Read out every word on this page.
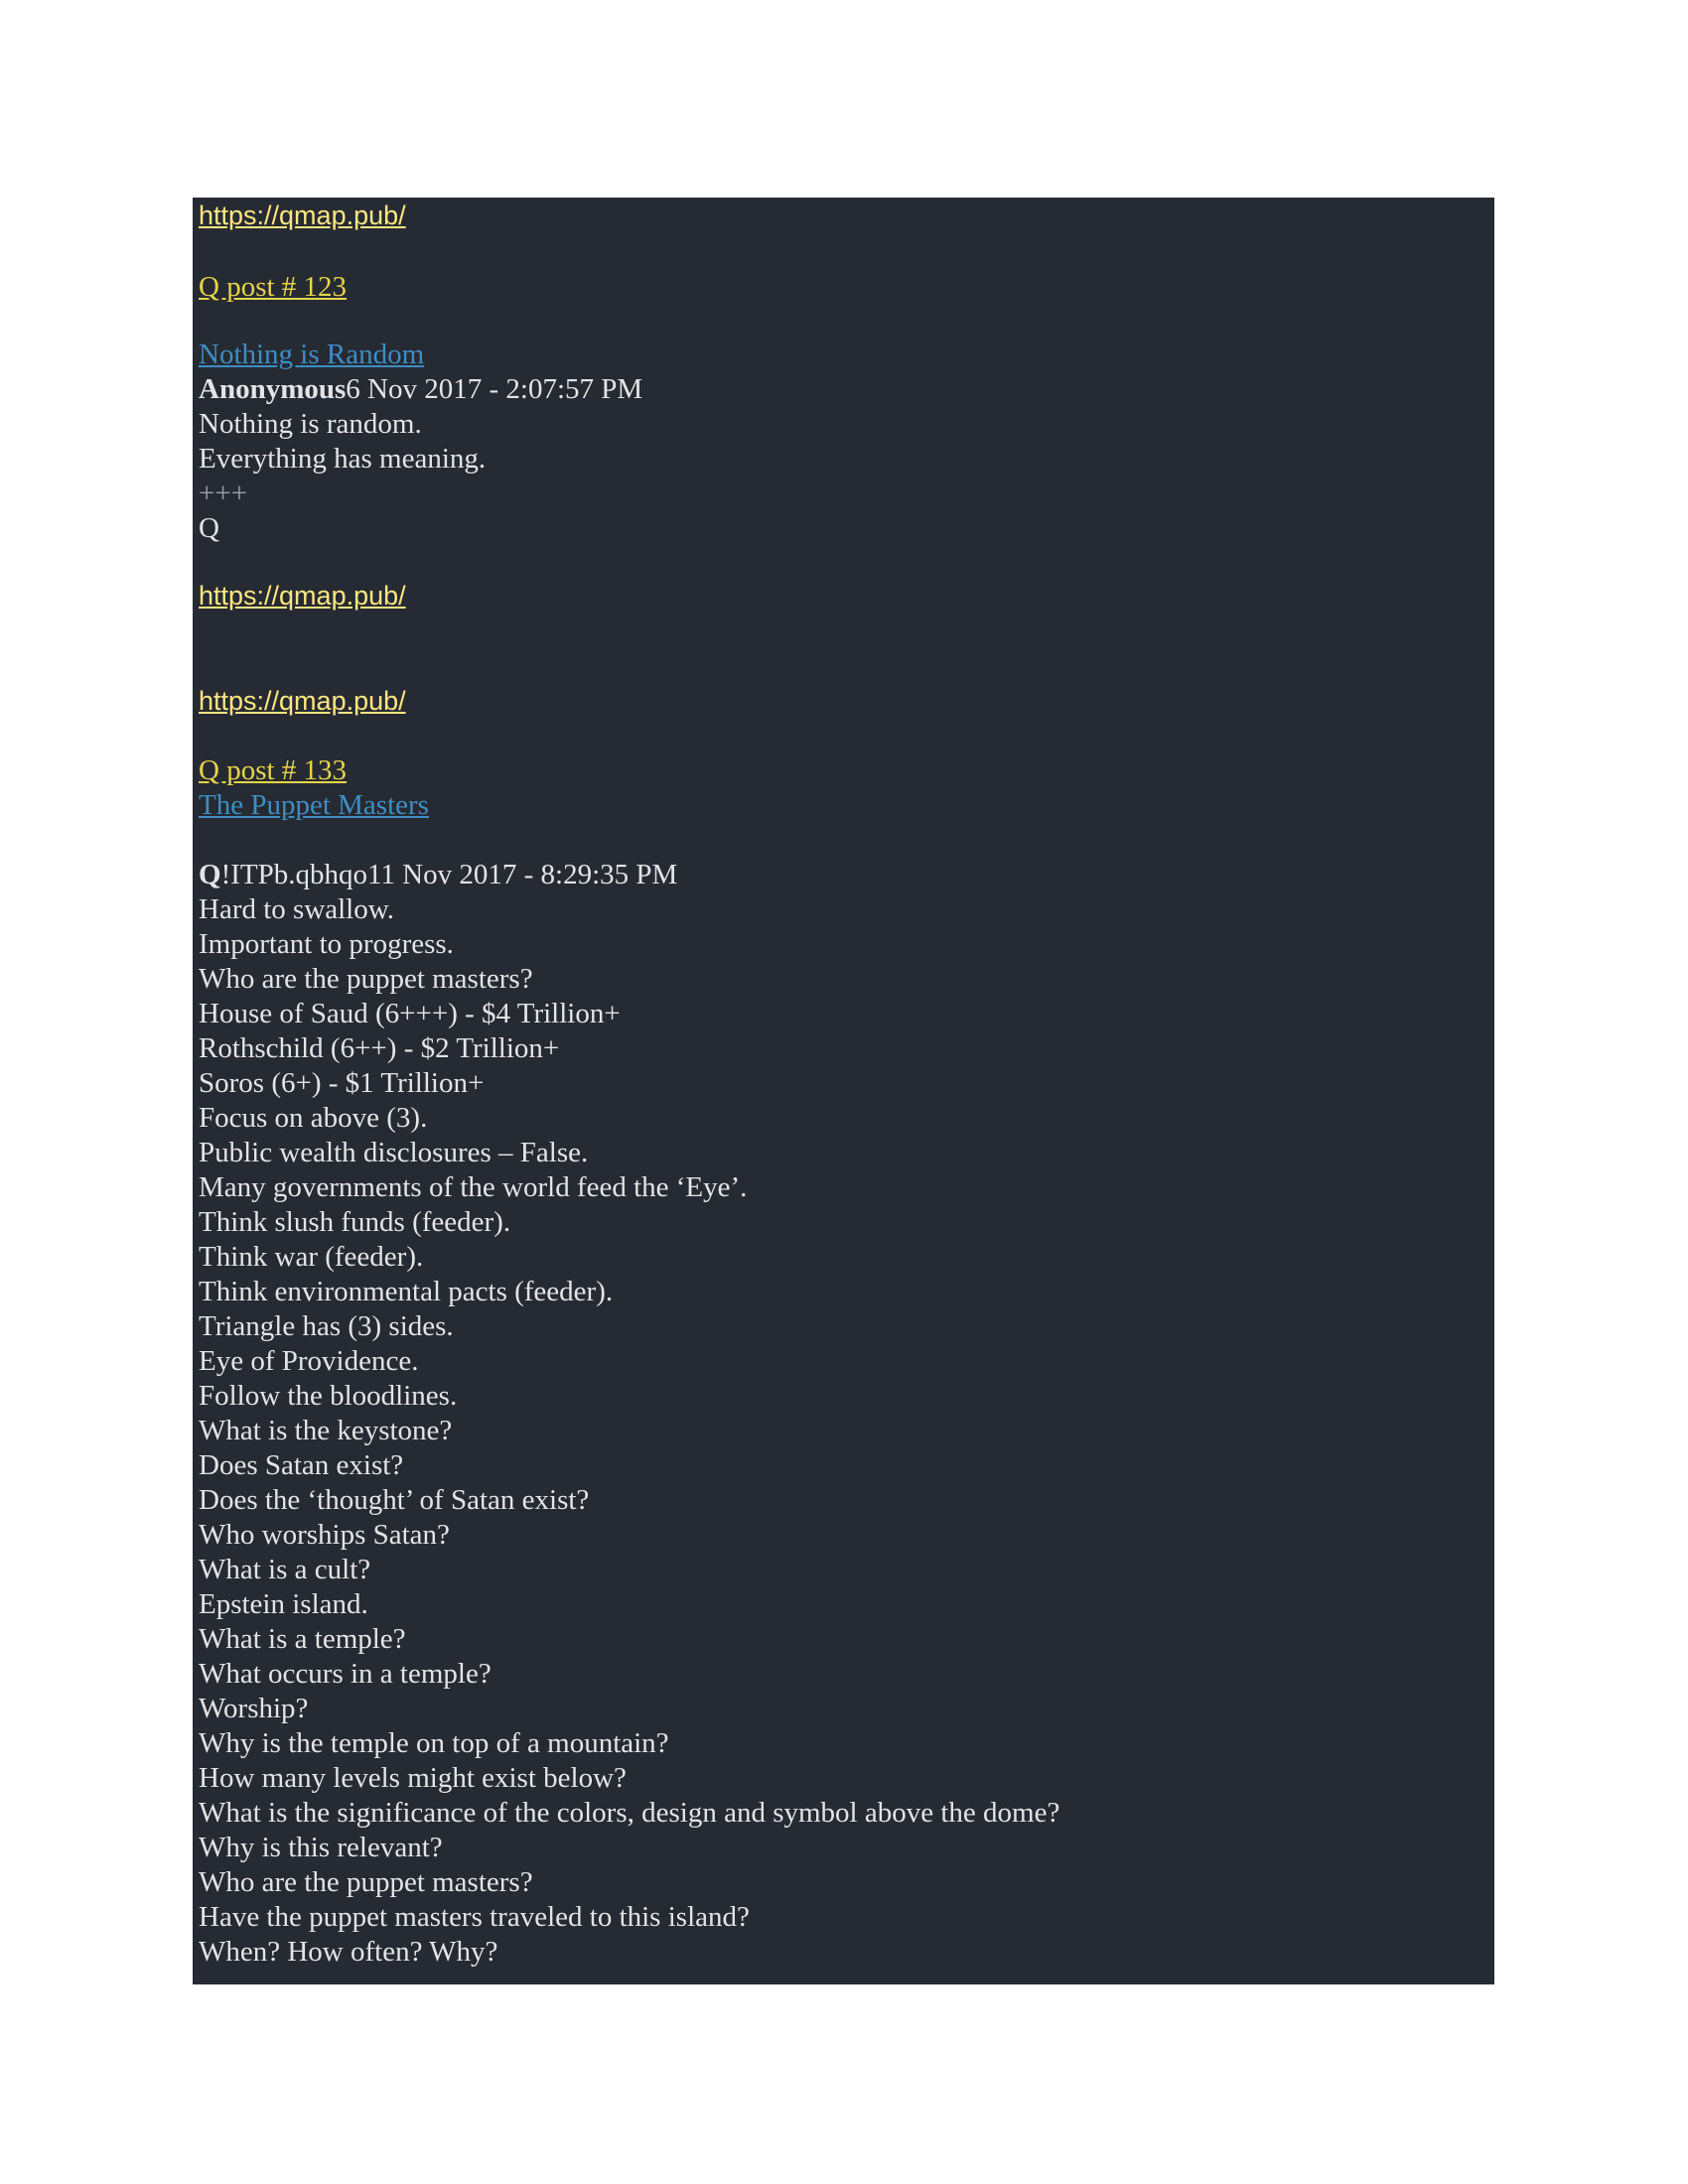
https://qmap.pub/
Q post # 123
Nothing is Random
Anonymous6 Nov 2017 - 2:07:57 PM
Nothing is random.
Everything has meaning.
+++
Q
https://qmap.pub/
https://qmap.pub/
Q post # 133
The Puppet Masters
Q!ITPb.qbhqo11 Nov 2017 - 8:29:35 PM
Hard to swallow.
Important to progress.
Who are the puppet masters?
House of Saud (6+++) - $4 Trillion+
Rothschild (6++) - $2 Trillion+
Soros (6+) - $1 Trillion+
Focus on above (3).
Public wealth disclosures – False.
Many governments of the world feed the ‘Eye’.
Think slush funds (feeder).
Think war (feeder).
Think environmental pacts (feeder).
Triangle has (3) sides.
Eye of Providence.
Follow the bloodlines.
What is the keystone?
Does Satan exist?
Does the ‘thought’ of Satan exist?
Who worships Satan?
What is a cult?
Epstein island.
What is a temple?
What occurs in a temple?
Worship?
Why is the temple on top of a mountain?
How many levels might exist below?
What is the significance of the colors, design and symbol above the dome?
Why is this relevant?
Who are the puppet masters?
Have the puppet masters traveled to this island?
When? How often? Why?
